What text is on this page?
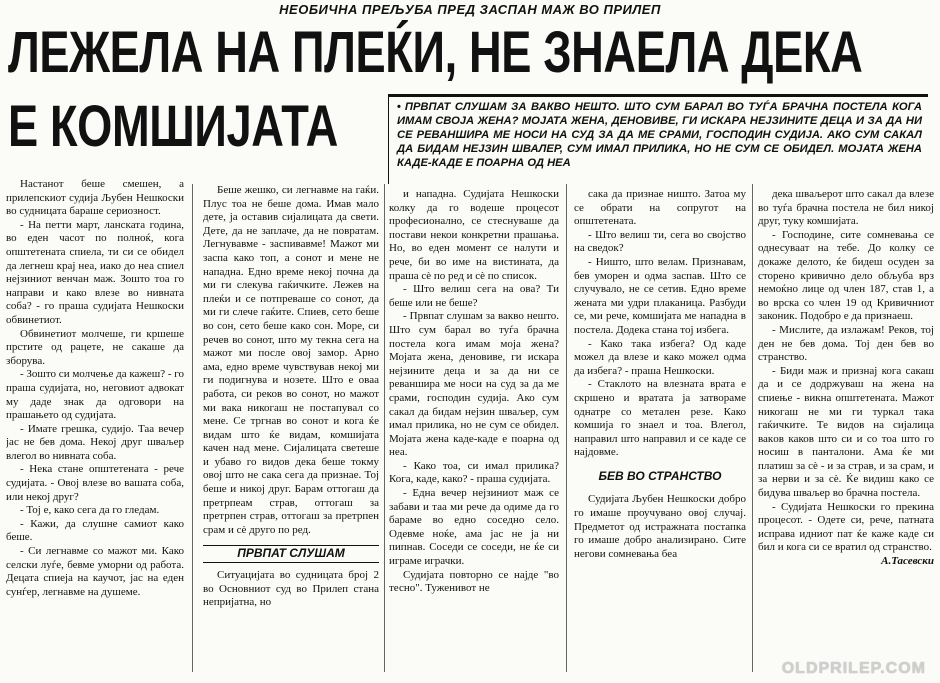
НЕОБИЧНА ПРЕЉУБА ПРЕД ЗАСПАН МАЖ ВО ПРИЛЕП
ЛЕЖЕЛА НА ПЛЕЌИ, НЕ ЗНАЕЛА ДЕКА
Е КОМШИЈАТА	• ПРВПАТ СЛУШАМ ЗА ВАКВО НЕШТО. ШТО СУМ БАРАЛ ВО ТУЃА БРАЧНА ПОСТЕЛА КОГА ИМАМ СВОЈА ЖЕНА? МОЈАТА ЖЕНА, ДЕНОВИВЕ, ГИ ИСКАРА НЕЈЗИНИТЕ ДЕЦА И ЗА ДА НИ СЕ РЕВАНШИРА МЕ НОСИ НА СУД ЗА ДА МЕ СРАМИ, ГОСПОДИН СУДИЈА. АКО СУМ САКАЛ ДА БИДАМ НЕЈЗИН ШВАЛЕР, СУМ ИМАЛ ПРИЛИКА, НО НЕ СУМ СЕ ОБИДЕЛ. МОЈАТА ЖЕНА КАДЕ-КАДЕ Е ПОАРНА ОД НЕА

Настанот беше смешен, а прилепскиот судија Љубен Нешкоски во судницата бараше сериозност.

- На петти март, ланската година, во еден часот по полноќ, кога општетената спиела, ти си се обидел да легнеш крај неа, иако до неа спиел нејзиниот венчан маж. Зошто тоа го направи и како влезе во нивната соба? - го праша судијата Нешкоски обвинетиот.

Обвинетиот молчеше, ги кршеше прстите од рацете, не сакаше да зборува.

- Зошто си молчење да кажеш? - го праша судијата, но, неговиот адвокат му даде знак да одговори на прашањето од судијата.

- Имате грешка, судијо. Таа вечер јас не бев дома. Некој друг шваљер влегол во нивната соба.

- Нека стане општетената - рече судијата. - Овој влезе во вашата соба, или некој друг?

- Тој е, како сега да го гледам.

- Кажи, да слушне самиот како беше.

- Си легнавме со мажот ми. Како селски луѓе, бевме уморни од работа. Децата спиеја на каучот, јас на еден сунѓер, легнавме на душеме.

Беше жешко, си легнавме на гаќи. Плус тоа не беше дома. Имав мало дете, ја оставив сијалицата да свети. Дете, да не заплаче, да не повратам. Легнувавме - заспивавме! Мажот ми заспа како топ, а сонот и мене не нападна. Едно време некој почна да ми ги слекува гаќичките. Лежев на плеќи и се потпреваше со сонот, да ми ги слече гаќите. Спиев, сето беше во сон, сето беше како сон. Море, си речев во сонот, што му текна сега на мажот ми после овој замор. Арно ама, едно време чувствував некој ми ги подигнува и нозете. Што е оваа работа, си реков во сонот, но мажот ми вака никогаш не постапувал со мене. Се тргнав во сонот и кога ќе видам што ќе видам, комшијата качен над мене. Сијалицата светеше и убаво го видов дека беше токму овој што не сака сега да признае. Тој беше и никој друг. Барам оттогаш да претрпеам страв, оттогаш за претрпен страв, оттогаш за претрпен срам и сè друго по ред.

ПРВПАТ СЛУШАМ

Ситуацијата во судницата број 2 во Основниот суд во Прилеп стана непријатна, но

и нападна. Судијата Нешкоски колку да го водеше процесот професионално, се стеснуваше да постави некои конкретни прашања. Но, во еден момент се налути и рече, би во име на вистината, да праша сè по ред и сè по список.

- Што велиш сега на ова? Ти беше или не беше?

- Првпат слушам за вакво нешто. Што сум барал во туѓа брачна постела кога имам моја жена? Мојата жена, деновиве, ги искара нејзините деца и за да ни се реванширa ме носи на суд за да ме срами, господин судија. Ако сум сакал да бидам нејзин шваљер, сум имал прилика, но не сум се обидел. Мојата жена каде-каде е поарна од неа.

- Како тоа, си имал прилика? Кога, каде, како? - праша судијата.

- Една вечер нејзиниот маж се забави и таа ми рече да одиме да го бараме во едно соседно село. Одевме ноќе, ама јас не ја ни пипнав. Соседи се соседи, не ќе си играме играчки.

Судијата повторно се најде "во тесно". Туженивот не

сака да признае ништо. Затоа му се обрати на сопругот на општетената.

- Што велиш ти, сега во својство на сведок?

- Ништо, што велам. Признавам, бев уморен и одма заспав. Што се случувало, не се сетив. Едно време жената ми удри плаканица. Разбуди се, ми рече, комшијата ме нападна в постела. Додека стана тој избега.

- Како така избега? Од каде можел да влезе и како можел одма да избега? - праша Нешкоски.

- Стаклото на влезната врата е скршено и вратата ја затвораме однатре со метален резе. Како комшија го знаел и тоа. Влегол, направил што направил и се каде се најдовме.

БЕВ ВО СТРАНСТВО

Судијата Љубен Нешкоски добро го имаше проучувано овој случај. Предметот од истражната постапка го имаше добро анализирано. Сите негови сомневања беа

дека шваљерот што сакал да влезе во туѓа брачна постела не бил никој друг, туку комшијата.

- Господине, сите сомневања се однесуваат на тебе. До колку се докаже делото, ќе бидеш осуден за сторено кривично дело обљуба врз немоќно лице од член 187, став 1, а во врска со член 19 од Кривичниот законик. Подобро е да признаеш.

- Мислите, да излажам! Реков, тој ден не бев дома. Тој ден бев во странство.

- Биди маж и признај кога сакаш да и се додржуваш на жена на спиење - викна општетената. Мажот никогаш не ми ги туркал така гаќичките. Те видов на сијалица вакoв каков што си и со тоа што го носиш в панталони. Ама ќе ми платиш за сè - и за страв, и за срам, и за нерви и за сè. Ќе видиш како се бидува шваљер во брачна постела.

- Судијата Нешкоски го прекина процесот. - Одете си, рече, патната исправа идниот пат ќе каже каде си бил и кога си се вратил од странство.

А.Тасевски

OLDPRILEP.COM
